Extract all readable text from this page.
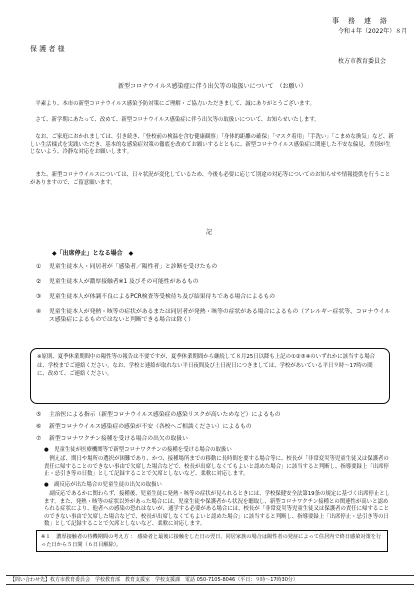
事　務　連　絡
令和４年（2022年）８月
保 護 者 様
枚方市教育委員会
新型コロナウイルス感染症に伴う出欠等の取扱いについて　（お願い）

　平素より、本市の新型コロナウイルス感染予防対策にご理解・ご協力いただきまして、誠にありがとうございます。

　さて、新学期にあたって、改めて、新型コロナウイルス感染症に伴う出欠等の取扱いについて、お知らせいたします。

　なお、ご家庭におかれましては、引き続き、「登校前の検温を含む健康観察」「身体的距離の確保」「マスク着用」「手洗い」「こまめな換気」など、新しい生活様式を実践いただき、基本的な感染症対策の徹底を改めてお願いするとともに、新型コロナウイルス感染症に関連した不安な偏見、差別が生じないよう、冷静な対応をお願いします。

　また、新型コロナウイルスについては、日々状況が変化しているため、今後も必要に応じて別途の対応等についてのお知らせや情報提供を行うことがありますので、ご留意願います。

記
◆「出席停止」となる場合　◆
① 児童生徒本人・同居者が「感染者／陽性者」と診断を受けたもの
② 児童生徒本人が濃厚接触者※1 及びその可能性があるもの
③ 児童生徒本人が体調不良によるPCR検査等受検待ち及び結果待ちである場合によるもの
④ 児童生徒本人が発熱・咳等の症状があるまたは同居者が発熱・咳等の症状がある場合によるもの（アレルギー症状等、コロナウイルス感染症によるものではないと判断できる場合は除く）
※原則、夏季休業期間中の陽性等の報告は不要ですが、夏季休業期間から継続して８月25日以降も上記の①②③④のいずれかに該当する場合は、学校までご連絡ください。なお、学校と連絡が取れない平日夜間及び土日祝日につきましては、学校があいている平日９時～17時の間に、改めて、ご連絡ください。
⑤ 主治医による指示（新型コロナウイルス感染症の感染リスクが高いためなど）によるもの
⑥ 新型コロナウイルス感染症の感染が不安（各校へご相談ください）によるもの
⑦ 新型コロナワクチン接種を受ける場合の出欠の取扱い
●　児童生徒が医療機関等で新型コロナワクチンの接種を受ける場合の取扱い

　例えば、期日や場所の選択が困難であり、かつ、接種場所までの移動に長時間を要する場合等に、校長が「非常変災等児童生徒又は保護者の責任に帰することのできない事由で欠席した場合などで、校長が出席しなくてもよいと認めた場合」に該当すると判断し、指導要録上「出席停止・忌引き等の日数」として記録することで欠席としないなど、柔軟に対応します。

●　副反応が出た場合の児童生徒の出欠の取扱い

　副反応であるかに関わらず、接種後、児童生徒に発熱・咳等の症状が見られるときには、学校保健安全法第19条の規定に基づく出席停止とします。また、発熱・咳等の症状以外があった場合には、児童生徒や保護者から状況を聴取し、新型コロナワクチン接種との関連性が高いと認められる症状により、他者への感染の恐れはないが、通学する必要がある場合には、校長が「非常変災等児童生徒又は保護者の責任に帰することのできない事由で欠席した場合などで、校長が出席しなくてもよいと認めた場合」に該当すると判断し、指導要録上「出席停止・忌引き等の日数」として記録することで欠席としないなど、柔軟に対応します。

※１ 濃厚接触者の待機期間の考え方 ： 感染者と最後に接触をした日の翌日、同居家族の場合は陽性者の発症によって住居内で終日感染対策を行った日から５日間（６日目解除）。
【問い合わせ先】枚方市教育委員会　学校教育部　教育支援室　学校支援課　電話 050-7105-8046（平日：９時～17時30分）
